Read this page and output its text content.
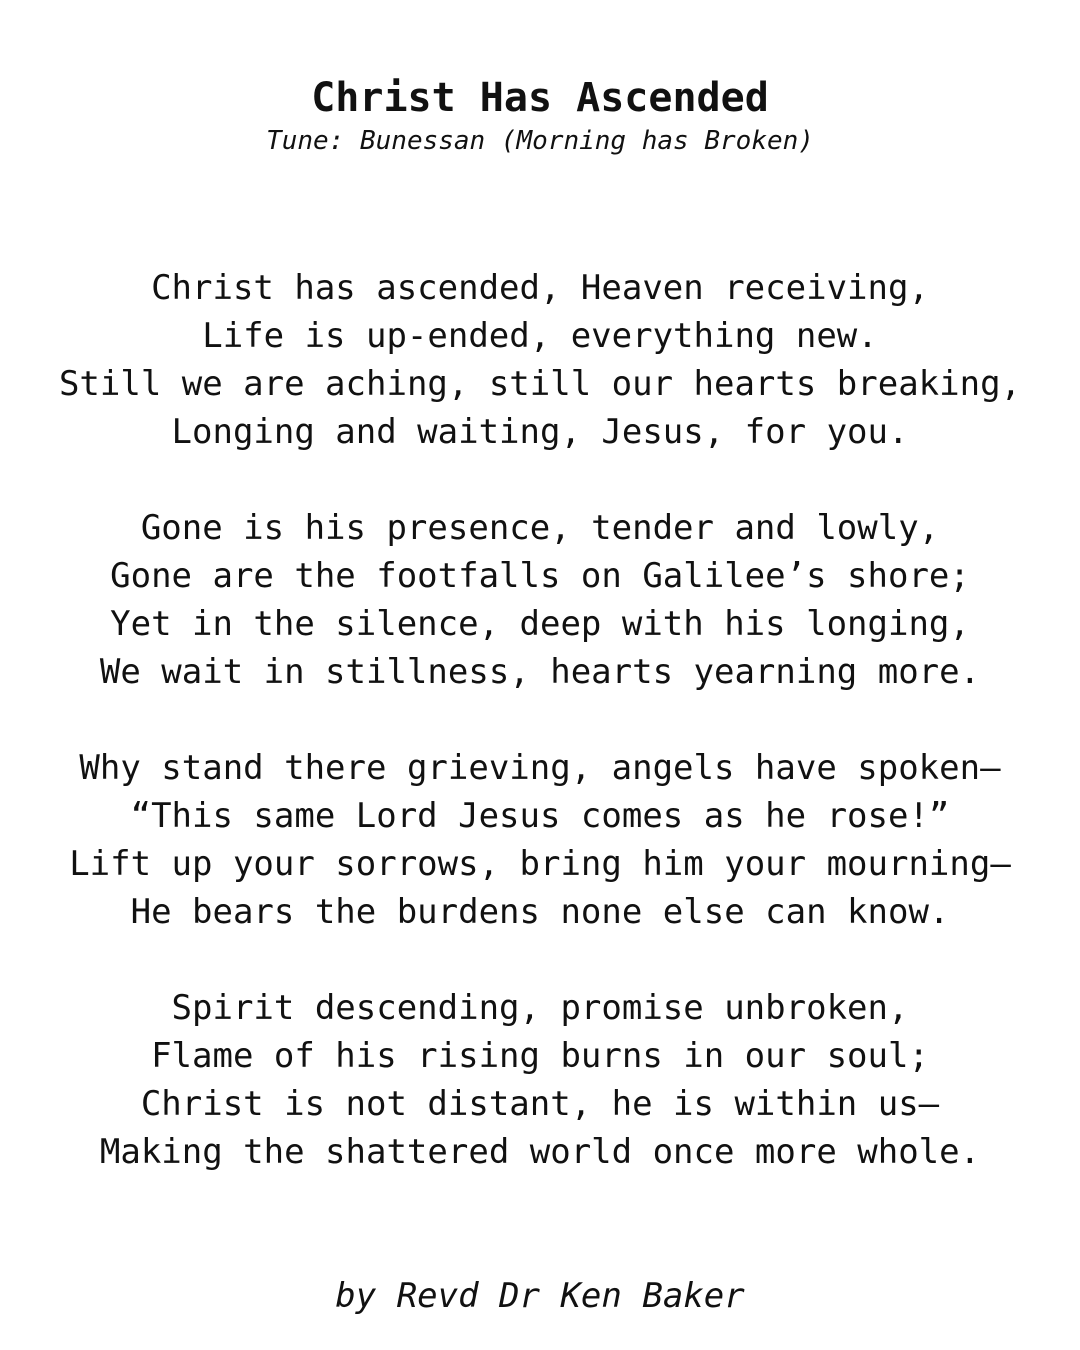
Christ Has Ascended
Tune: Bunessan (Morning has Broken)
Christ has ascended, Heaven receiving,
Life is up-ended, everything new.
Still we are aching, still our hearts breaking,
Longing and waiting, Jesus, for you.
Gone is his presence, tender and lowly,
Gone are the footfalls on Galilee’s shore;
Yet in the silence, deep with his longing,
We wait in stillness, hearts yearning more.
Why stand there grieving, angels have spoken—
“This same Lord Jesus comes as he rose!”
Lift up your sorrows, bring him your mourning—
He bears the burdens none else can know.
Spirit descending, promise unbroken,
Flame of his rising burns in our soul;
Christ is not distant, he is within us—
Making the shattered world once more whole.
by Revd Dr Ken Baker
